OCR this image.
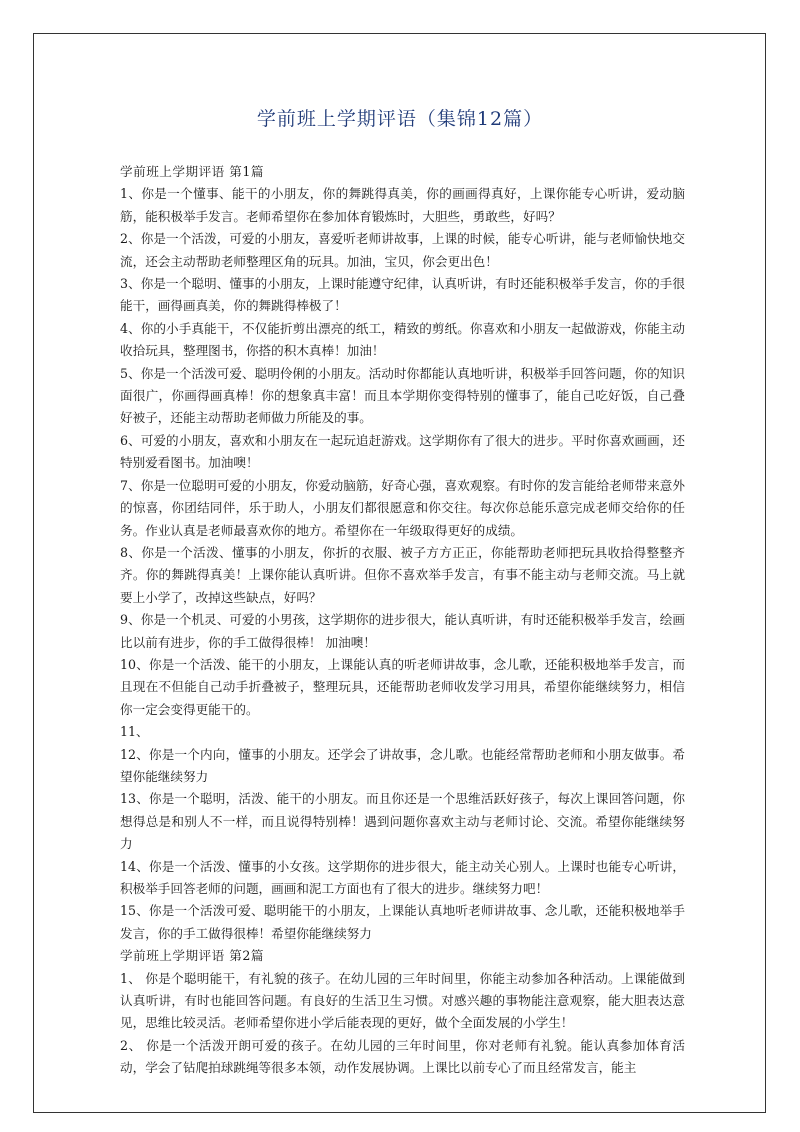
学前班上学期评语（集锦12篇）

学前班上学期评语 第1篇

1、你是一个懂事、能干的小朋友，你的舞跳得真美，你的画画得真好，上课你能专心听讲，爱动脑筋，能积极举手发言。老师希望你在参加体育锻炼时，大胆些，勇敢些，好吗？

2、你是一个活泼，可爱的小朋友，喜爱听老师讲故事，上课的时候，能专心听讲，能与老师愉快地交流，还会主动帮助老师整理区角的玩具。加油，宝贝，你会更出色！

3、你是一个聪明、懂事的小朋友，上课时能遵守纪律，认真听讲，有时还能积极举手发言，你的手很能干，画得画真美，你的舞跳得棒极了！

4、你的小手真能干，不仅能折剪出漂亮的纸工，精致的剪纸。你喜欢和小朋友一起做游戏，你能主动收拾玩具，整理图书，你搭的积木真棒！加油！

5、你是一个活泼可爱、聪明伶俐的小朋友。活动时你都能认真地听讲，积极举手回答问题，你的知识面很广，你画得画真棒！你的想象真丰富！而且本学期你变得特别的懂事了，能自己吃好饭，自己叠好被子，还能主动帮助老师做力所能及的事。

6、可爱的小朋友，喜欢和小朋友在一起玩追赶游戏。这学期你有了很大的进步。平时你喜欢画画，还特别爱看图书。加油噢！

7、你是一位聪明可爱的小朋友，你爱动脑筋，好奇心强，喜欢观察。有时你的发言能给老师带来意外的惊喜，你团结同伴，乐于助人，小朋友们都很愿意和你交往。每次你总能乐意完成老师交给你的任务。作业认真是老师最喜欢你的地方。希望你在一年级取得更好的成绩。

8、你是一个活泼、懂事的小朋友，你折的衣服、被子方方正正，你能帮助老师把玩具收拾得整整齐齐。你的舞跳得真美！上课你能认真听讲。但你不喜欢举手发言，有事不能主动与老师交流。马上就要上小学了，改掉这些缺点，好吗？

9、你是一个机灵、可爱的小男孩，这学期你的进步很大，能认真听讲，有时还能积极举手发言，绘画比以前有进步，你的手工做得很棒！ 加油噢！

10、你是一个活泼、能干的小朋友，上课能认真的听老师讲故事，念儿歌，还能积极地举手发言，而且现在不但能自己动手折叠被子，整理玩具，还能帮助老师收发学习用具，希望你能继续努力，相信你一定会变得更能干的。

11、

12、你是一个内向，懂事的小朋友。还学会了讲故事，念儿歌。也能经常帮助老师和小朋友做事。希望你能继续努力

13、你是一个聪明，活泼、能干的小朋友。而且你还是一个思维活跃好孩子，每次上课回答问题，你想得总是和别人不一样，而且说得特别棒！遇到问题你喜欢主动与老师讨论、交流。希望你能继续努力

14、你是一个活泼、懂事的小女孩。这学期你的进步很大，能主动关心别人。上课时也能专心听讲，积极举手回答老师的问题，画画和泥工方面也有了很大的进步。继续努力吧！

15、你是一个活泼可爱、聪明能干的小朋友，上课能认真地听老师讲故事、念儿歌，还能积极地举手发言，你的手工做得很棒！希望你能继续努力

学前班上学期评语 第2篇

1、 你是个聪明能干，有礼貌的孩子。在幼儿园的三年时间里，你能主动参加各种活动。上课能做到认真听讲，有时也能回答问题。有良好的生活卫生习惯。对感兴趣的事物能注意观察，能大胆表达意见，思维比较灵活。老师希望你进小学后能表现的更好，做个全面发展的小学生！

2、 你是一个活泼开朗可爱的孩子。在幼儿园的三年时间里，你对老师有礼貌。能认真参加体育活动，学会了钻爬拍球跳绳等很多本领，动作发展协调。上课比以前专心了而且经常发言，能主
